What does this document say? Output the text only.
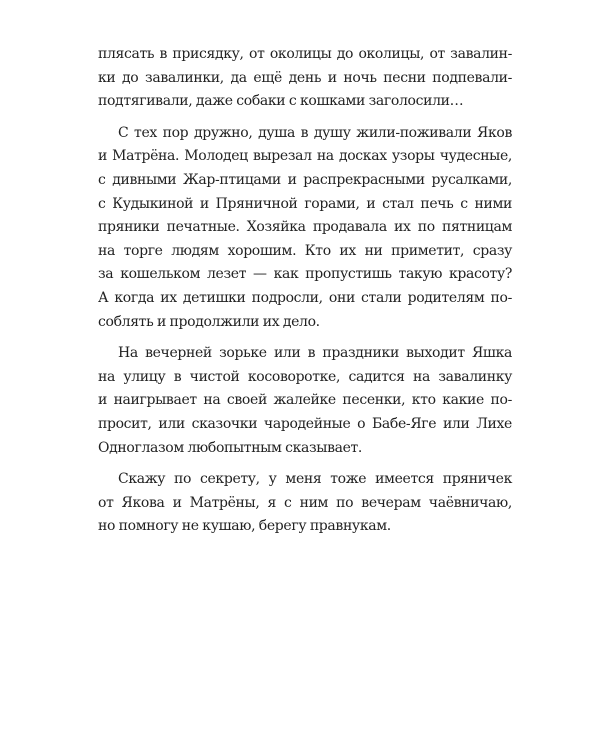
плясать в присядку, от околицы до околицы, от завалин-
ки до завалинки, да ещё день и ночь песни подпевали-
подтягивали, даже собаки с кошками заголосили…
С тех пор дружно, душа в душу жили-поживали Яков
и Матрёна. Молодец вырезал на досках узоры чудесные,
с дивными Жар-птицами и распрекрасными русалками,
с Кудыкиной и Пряничной горами, и стал печь с ними
пряники печатные. Хозяйка продавала их по пятницам
на торге людям хорошим. Кто их ни приметит, сразу
за кошельком лезет — как пропустишь такую красоту?
А когда их детишки подросли, они стали родителям по-
соблять и продолжили их дело.
На вечерней зорьке или в праздники выходит Яшка
на улицу в чистой косоворотке, садится на завалинку
и наигрывает на своей жалейке песенки, кто какие по-
просит, или сказочки чародейные о Бабе-Яге или Лихе
Одноглазом любопытным сказывает.
Скажу по секрету, у меня тоже имеется пряничек
от Якова и Матрёны, я с ним по вечерам чаёвничаю,
но помногу не кушаю, берегу правнукам.
